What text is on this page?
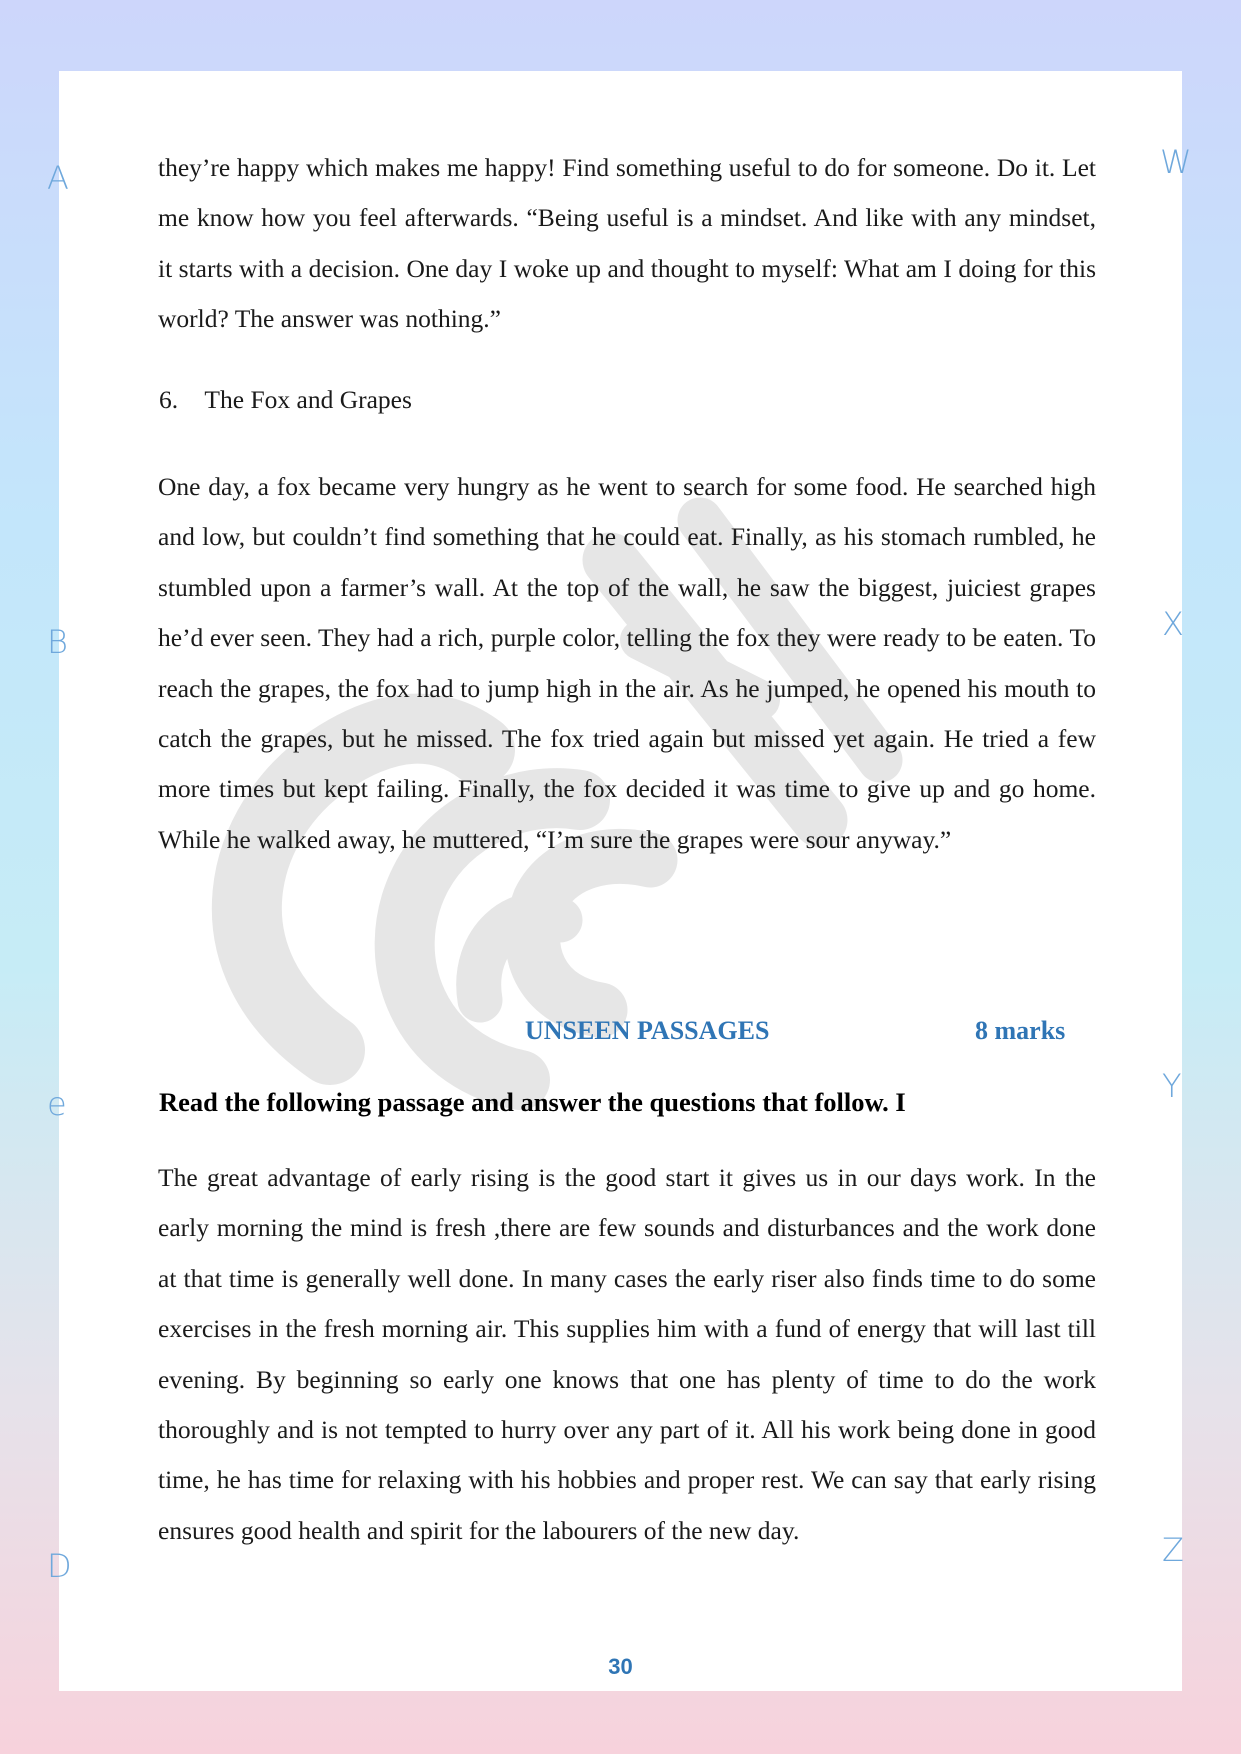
A
B
e
D
W
X
Y
Z

they’re happy which makes me happy! Find something useful to do for someone. Do it. Let me know how you feel afterwards. “Being useful is a mindset. And like with any mindset, it starts with a decision. One day I woke up and thought to myself: What am I doing for this world? The answer was nothing.”

6. The Fox and Grapes

One day, a fox became very hungry as he went to search for some food. He searched high and low, but couldn’t find something that he could eat. Finally, as his stomach rumbled, he stumbled upon a farmer’s wall. At the top of the wall, he saw the biggest, juiciest grapes he’d ever seen. They had a rich, purple color, telling the fox they were ready to be eaten. To reach the grapes, the fox had to jump high in the air. As he jumped, he opened his mouth to catch the grapes, but he missed. The fox tried again but missed yet again. He tried a few more times but kept failing. Finally, the fox decided it was time to give up and go home. While he walked away, he muttered, “I’m sure the grapes were sour anyway.”

UNSEEN PASSAGES	8 marks
Read the following passage and answer the questions that follow. I

The great advantage of early rising is the good start it gives us in our days work. In the early morning the mind is fresh ,there are few sounds and disturbances and the work done at that time is generally well done. In many cases the early riser also finds time to do some exercises in the fresh morning air. This supplies him with a fund of energy that will last till evening. By beginning so early one knows that one has plenty of time to do the work thoroughly and is not tempted to hurry over any part of it. All his work being done in good time, he has time for relaxing with his hobbies and proper rest. We can say that early rising ensures good health and spirit for the labourers of the new day.

30
